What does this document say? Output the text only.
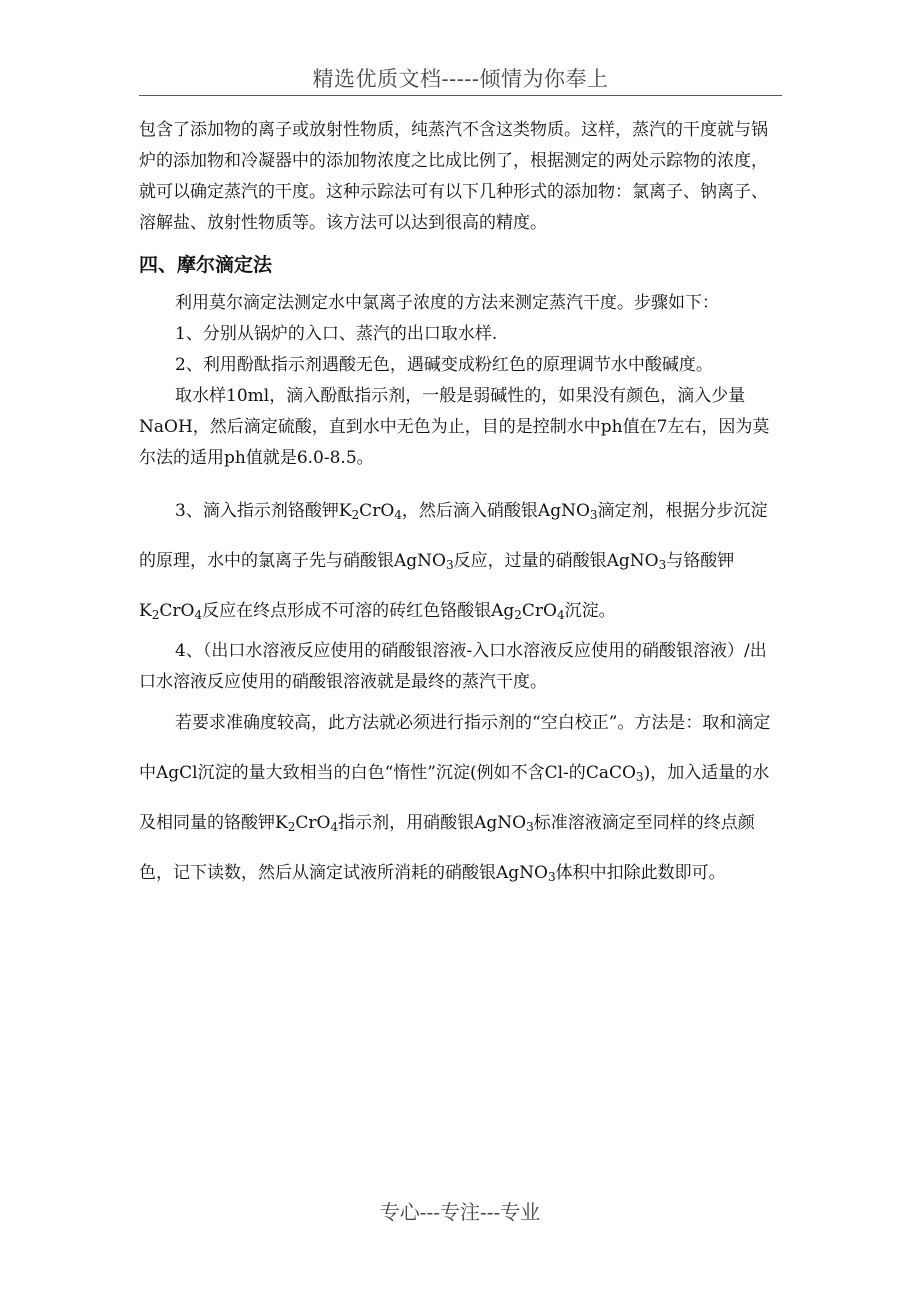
精选优质文档-----倾情为你奉上

包含了添加物的离子或放射性物质，纯蒸汽不含这类物质。这样，蒸汽的干度就与锅炉的添加物和冷凝器中的添加物浓度之比成比例了，根据测定的两处示踪物的浓度，就可以确定蒸汽的干度。这种示踪法可有以下几种形式的添加物：氯离子、钠离子、溶解盐、放射性物质等。该方法可以达到很高的精度。

四、摩尔滴定法

利用莫尔滴定法测定水中氯离子浓度的方法来测定蒸汽干度。步骤如下：

1、分别从锅炉的入口、蒸汽的出口取水样.

2、利用酚酞指示剂遇酸无色，遇碱变成粉红色的原理调节水中酸碱度。

取水样10ml，滴入酚酞指示剂，一般是弱碱性的，如果没有颜色，滴入少量NaOH，然后滴定硫酸，直到水中无色为止，目的是控制水中ph值在7左右，因为莫尔法的适用ph值就是6.0-8.5。

3、滴入指示剂铬酸钾$K_2CrO_4$，然后滴入硝酸银AgNO$_3$滴定剂，根据分步沉淀的原理，水中的氯离子先与硝酸银AgNO$_3$反应，过量的硝酸银AgNO$_3$与铬酸钾$K_2CrO_4$反应在终点形成不可溶的砖红色铬酸银$Ag_2CrO_4$沉淀。

4、（出口水溶液反应使用的硝酸银溶液-入口水溶液反应使用的硝酸银溶液）/出口水溶液反应使用的硝酸银溶液就是最终的蒸汽干度。

若要求准确度较高，此方法就必须进行指示剂的“空白校正”。方法是：取和滴定中AgCl沉淀的量大致相当的白色“惰性”沉淀(例如不含Cl-的CaCO$_3$)，加入适量的水及相同量的铬酸钾$K_2CrO_4$指示剂，用硝酸银AgNO$_3$标准溶液滴定至同样的终点颜色，记下读数，然后从滴定试液所消耗的硝酸银AgNO$_3$体积中扣除此数即可。

专心---专注---专业
